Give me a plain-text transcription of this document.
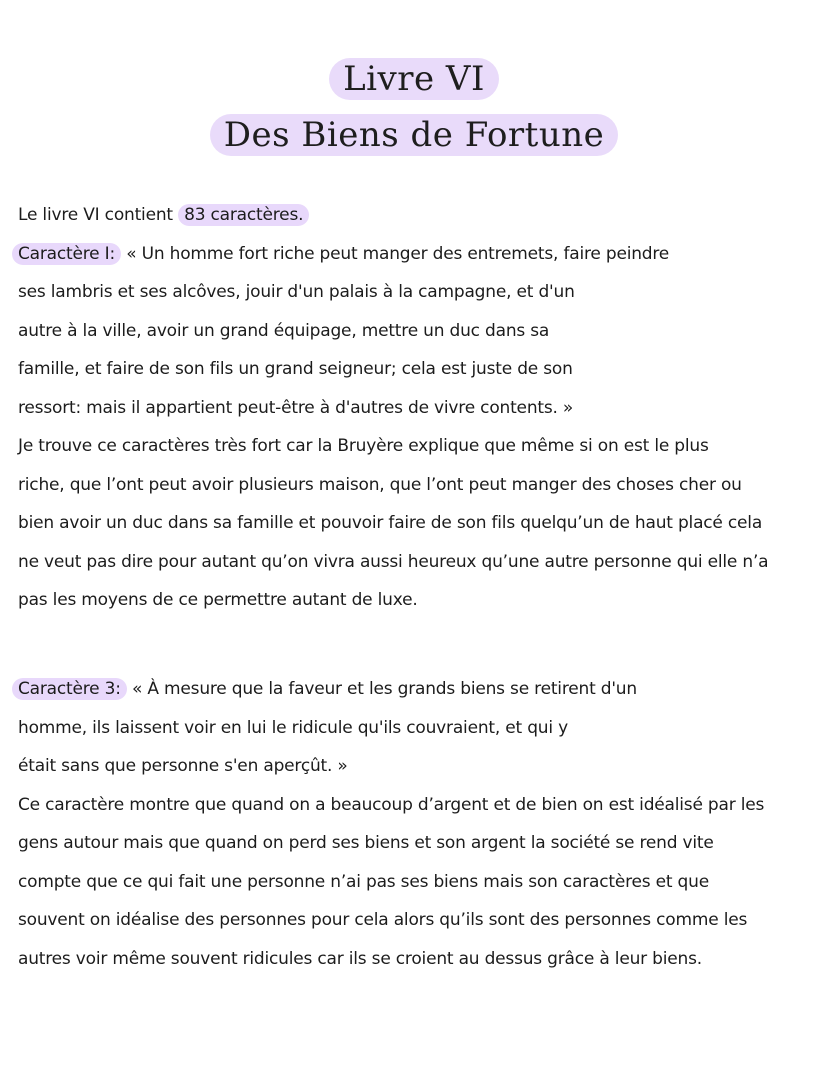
Livre VI
Des Biens de Fortune
Le livre VI contient 83 caractères.
Caractère I: « Un homme fort riche peut manger des entremets, faire peindre
ses lambris et ses alcôves, jouir d'un palais à la campagne, et d'un
autre à la ville, avoir un grand équipage, mettre un duc dans sa
famille, et faire de son fils un grand seigneur; cela est juste de son
ressort: mais il appartient peut-être à d'autres de vivre contents. »
Je trouve ce caractères très fort car la Bruyère explique que même si on est le plus
riche, que l’ont peut avoir plusieurs maison, que l’ont peut manger des choses cher ou
bien avoir un duc dans sa famille et pouvoir faire de son fils quelqu’un de haut placé cela
ne veut pas dire pour autant qu’on vivra aussi heureux qu’une autre personne qui elle n’a
pas les moyens de ce permettre autant de luxe.
Caractère 3: « À mesure que la faveur et les grands biens se retirent d'un
homme, ils laissent voir en lui le ridicule qu'ils couvraient, et qui y
était sans que personne s'en aperçût. »
Ce caractère montre que quand on a beaucoup d’argent et de bien on est idéalisé par les
gens autour mais que quand on perd ses biens et son argent la société se rend vite
compte que ce qui fait une personne n’ai pas ses biens mais son caractères et que
souvent on idéalise des personnes pour cela alors qu’ils sont des personnes comme les
autres voir même souvent ridicules car ils se croient au dessus grâce à leur biens.
